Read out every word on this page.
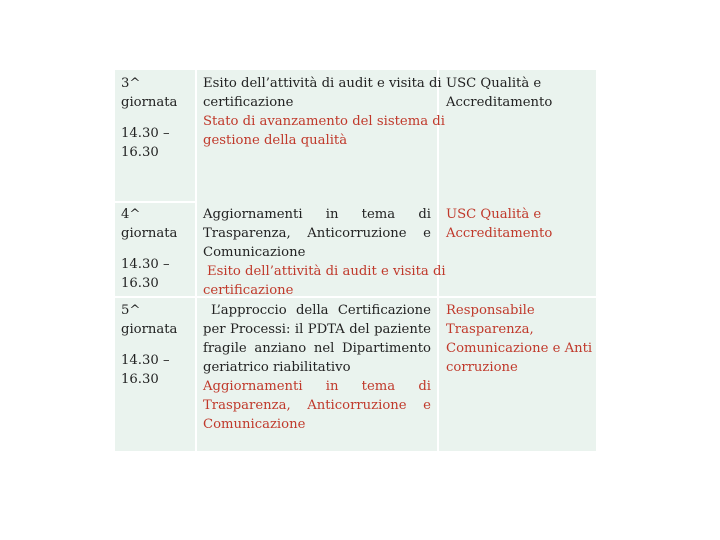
3^
giornata
14.30 –
16.30
Esito dell’attività di audit e visita di
certificazione
Stato di avanzamento del sistema di
gestione della qualità
USC Qualità e
Accreditamento
4^
giornata
14.30 –
16.30
Aggiornamenti in tema di
Trasparenza, Anticorruzione e
Comunicazione
Esito dell’attività di audit e visita di
certificazione
USC Qualità e
Accreditamento
5^
giornata
14.30 –
16.30
L’approccio della Certificazione
per Processi: il PDTA del paziente
fragile anziano nel Dipartimento
geriatrico riabilitativo
Aggiornamenti in tema di
Trasparenza, Anticorruzione e
Comunicazione
Responsabile
Trasparenza,
Comunicazione e Anti
corruzione
